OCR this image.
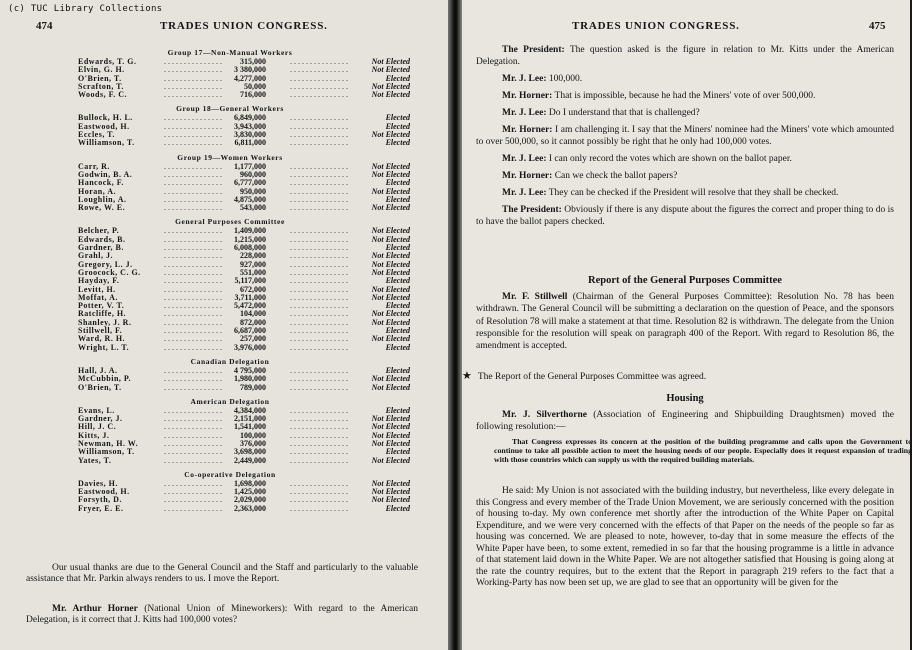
(c) TUC Library Collections
474	TRADES UNION CONGRESS.
Group 17—Non-Manual Workers
Edwards, T. G.	. . . . . . . . . . . . . . .	315,000	. . . . . . . . . . . . . . .	Not Elected
Elvin, G. H.	. . . . . . . . . . . . . . .	3 380,000	. . . . . . . . . . . . . . .	Not Elected
O'Brien, T.	. . . . . . . . . . . . . . .	4,277,000	. . . . . . . . . . . . . . .	Elected
Scrafton, T.	. . . . . . . . . . . . . . .	50,000	. . . . . . . . . . . . . . .	Not Elected
Woods, F. C.	. . . . . . . . . . . . . . .	716,000	. . . . . . . . . . . . . . .	Not Elected
Group 18—General Workers
Bullock, H. L.	. . . . . . . . . . . . . . .	6,849,000	. . . . . . . . . . . . . . .	Elected
Eastwood, H.	. . . . . . . . . . . . . . .	3,943,000	. . . . . . . . . . . . . . .	Elected
Eccles, T.	. . . . . . . . . . . . . . .	3,830,000	. . . . . . . . . . . . . . .	Not Elected
Williamson, T.	. . . . . . . . . . . . . . .	6,811,000	. . . . . . . . . . . . . . .	Elected
Group 19—Women Workers
Carr, R.	. . . . . . . . . . . . . . .	1,177,000	. . . . . . . . . . . . . . .	Not Elected
Godwin, B. A.	. . . . . . . . . . . . . . .	960,000	. . . . . . . . . . . . . . .	Not Elected
Hancock, F.	. . . . . . . . . . . . . . .	6,777,000	. . . . . . . . . . . . . . .	Elected
Horan, A.	. . . . . . . . . . . . . . .	950,000	. . . . . . . . . . . . . . .	Not Elected
Loughlin, A.	. . . . . . . . . . . . . . .	4,875,000	. . . . . . . . . . . . . . .	Elected
Rowe, W. E.	. . . . . . . . . . . . . . .	543,000	. . . . . . . . . . . . . . .	Not Elected
General Purposes Committee
Belcher, P.	. . . . . . . . . . . . . . .	1,409,000	. . . . . . . . . . . . . . .	Not Elected
Edwards, B.	. . . . . . . . . . . . . . .	1,215,000	. . . . . . . . . . . . . . .	Not Elected
Gardner, B.	. . . . . . . . . . . . . . .	6,008,000	. . . . . . . . . . . . . . .	Elected
Grahl, J.	. . . . . . . . . . . . . . .	228,000	. . . . . . . . . . . . . . .	Not Elected
Gregory, L. J.	. . . . . . . . . . . . . . .	927,000	. . . . . . . . . . . . . . .	Not Elected
Groocock, C. G.	. . . . . . . . . . . . . . .	551,000	. . . . . . . . . . . . . . .	Not Elected
Hayday, F.	. . . . . . . . . . . . . . .	5,117,000	. . . . . . . . . . . . . . .	Elected
Levitt, H.	. . . . . . . . . . . . . . .	672,000	. . . . . . . . . . . . . . .	Not Elected
Moffat, A.	. . . . . . . . . . . . . . .	3,711,000	. . . . . . . . . . . . . . .	Not Elected
Potter, V. T.	. . . . . . . . . . . . . . .	5,472,000	. . . . . . . . . . . . . . .	Elected
Ratcliffe, H.	. . . . . . . . . . . . . . .	104,000	. . . . . . . . . . . . . . .	Not Elected
Shanley, J. R.	. . . . . . . . . . . . . . .	872,000	. . . . . . . . . . . . . . .	Not Elected
Stillwell, F.	. . . . . . . . . . . . . . .	6,687,000	. . . . . . . . . . . . . . .	Elected
Ward, R. H.	. . . . . . . . . . . . . . .	257,000	. . . . . . . . . . . . . . .	Not Elected
Wright, L. T.	. . . . . . . . . . . . . . .	3,976,000	. . . . . . . . . . . . . . .	Elected
Canadian Delegation
Hall, J. A.	. . . . . . . . . . . . . . .	4 795,000	. . . . . . . . . . . . . . .	Elected
McCubbin, P.	. . . . . . . . . . . . . . .	1,980,000	. . . . . . . . . . . . . . .	Not Elected
O'Brien, T.	. . . . . . . . . . . . . . .	789,000	. . . . . . . . . . . . . . .	Not Elected
American Delegation
Evans, L.	. . . . . . . . . . . . . . .	4,384,000	. . . . . . . . . . . . . . .	Elected
Gardner, J.	. . . . . . . . . . . . . . .	2,151,000	. . . . . . . . . . . . . . .	Not Elected
Hill, J. C.	. . . . . . . . . . . . . . .	1,541,000	. . . . . . . . . . . . . . .	Not Elected
Kitts, J.	. . . . . . . . . . . . . . .	100,000	. . . . . . . . . . . . . . .	Not Elected
Newman, H. W.	. . . . . . . . . . . . . . .	376,000	. . . . . . . . . . . . . . .	Not Elected
Williamson, T.	. . . . . . . . . . . . . . .	3,698,000	. . . . . . . . . . . . . . .	Elected
Yates, T.	. . . . . . . . . . . . . . .	2,449,000	. . . . . . . . . . . . . . .	Not Elected
Co-operative Delegation
Davies, H.	. . . . . . . . . . . . . . .	1,698,000	. . . . . . . . . . . . . . .	Not Elected
Eastwood, H.	. . . . . . . . . . . . . . .	1,425,000	. . . . . . . . . . . . . . .	Not Elected
Forsyth, D.	. . . . . . . . . . . . . . .	2,029,000	. . . . . . . . . . . . . . .	Not Elected
Fryer, E. E.	. . . . . . . . . . . . . . .	2,363,000	. . . . . . . . . . . . . . .	Elected
Our usual thanks are due to the General Council and the Staff and particularly to the valuable assistance that Mr. Parkin always renders to us. I move the Report.
Mr. Arthur Horner (National Union of Mineworkers): With regard to the American Delegation, is it correct that J. Kitts had 100,000 votes?
TRADES UNION CONGRESS.	475
The President: The question asked is the figure in relation to Mr. Kitts under the American Delegation.
Mr. J. Lee: 100,000.
Mr. Horner: That is impossible, because he had the Miners' vote of over 500,000.
Mr. J. Lee: Do I understand that that is challenged?
Mr. Horner: I am challenging it. I say that the Miners' nominee had the Miners' vote which amounted to over 500,000, so it cannot possibly be right that he only had 100,000 votes.
Mr. J. Lee: I can only record the votes which are shown on the ballot paper.
Mr. Horner: Can we check the ballot papers?
Mr. J. Lee: They can be checked if the President will resolve that they shall be checked.
The President: Obviously if there is any dispute about the figures the correct and proper thing to do is to have the ballot papers checked.
Report of the General Purposes Committee
Mr. F. Stillwell (Chairman of the General Purposes Committee): Resolution No. 78 has been withdrawn. The General Council will be submitting a declaration on the question of Peace, and the sponsors of Resolution 78 will make a statement at that time. Resolution 82 is withdrawn. The delegate from the Union responsible for the resolution will speak on paragraph 400 of the Report. With regard to Resolution 86, the amendment is accepted.
★ The Report of the General Purposes Committee was agreed.
Housing
Mr. J. Silverthorne (Association of Engineering and Shipbuilding Draughtsmen) moved the following resolution:—
That Congress expresses its concern at the position of the building programme and calls upon the Government to continue to take all possible action to meet the housing needs of our people. Especially does it request expansion of trading with those countries which can supply us with the required building materials.
He said: My Union is not associated with the building industry, but nevertheless, like every delegate in this Congress and every member of the Trade Union Movement, we are seriously concerned with the position of housing to-day. My own conference met shortly after the introduction of the White Paper on Capital Expenditure, and we were very concerned with the effects of that Paper on the needs of the people so far as housing was concerned. We are pleased to note, however, to-day that in some measure the effects of the White Paper have been, to some extent, remedied in so far that the housing programme is a little in advance of that statement laid down in the White Paper. We are not altogether satisfied that Housing is going along at the rate the country requires, but to the extent that the Report in paragraph 219 refers to the fact that a Working-Party has now been set up, we are glad to see that an opportunity will be given for the
